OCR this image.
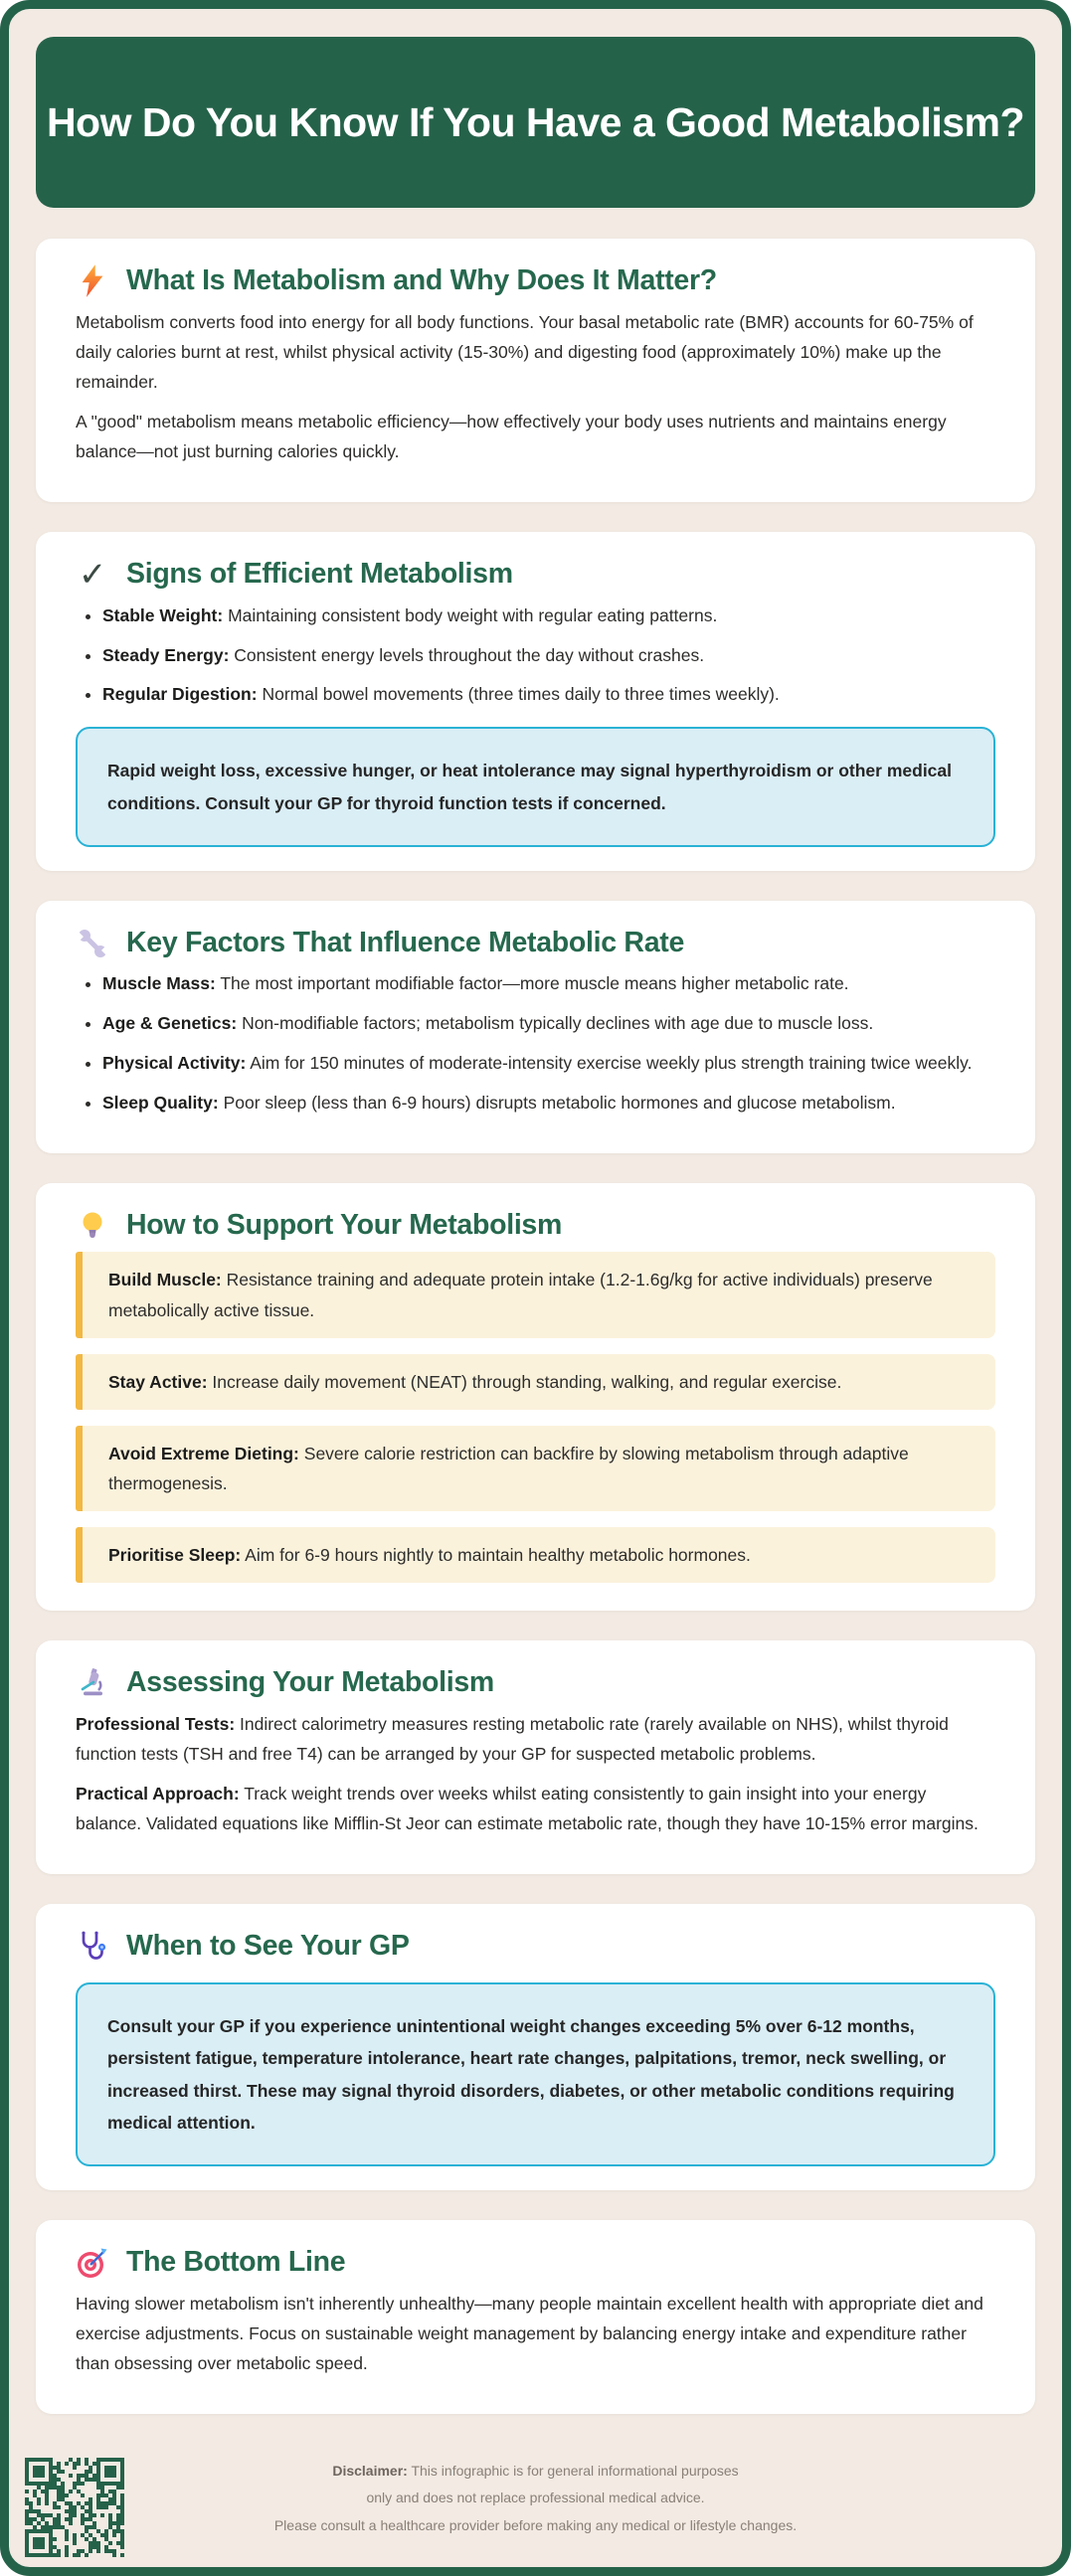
How Do You Know If You Have a Good Metabolism?
What Is Metabolism and Why Does It Matter?

Metabolism converts food into energy for all body functions. Your basal metabolic rate (BMR) accounts for 60-75% of daily calories burnt at rest, whilst physical activity (15-30%) and digesting food (approximately 10%) make up the remainder.

A "good" metabolism means metabolic efficiency—how effectively your body uses nutrients and maintains energy balance—not just burning calories quickly.

✓ Signs of Efficient Metabolism
• Stable Weight: Maintaining consistent body weight with regular eating patterns.
• Steady Energy: Consistent energy levels throughout the day without crashes.
• Regular Digestion: Normal bowel movements (three times daily to three times weekly).
Rapid weight loss, excessive hunger, or heat intolerance may signal hyperthyroidism or other medical conditions. Consult your GP for thyroid function tests if concerned.
Key Factors That Influence Metabolic Rate
• Muscle Mass: The most important modifiable factor—more muscle means higher metabolic rate.
• Age & Genetics: Non-modifiable factors; metabolism typically declines with age due to muscle loss.
• Physical Activity: Aim for 150 minutes of moderate-intensity exercise weekly plus strength training twice weekly.
• Sleep Quality: Poor sleep (less than 6-9 hours) disrupts metabolic hormones and glucose metabolism.
How to Support Your Metabolism
Build Muscle: Resistance training and adequate protein intake (1.2-1.6g/kg for active individuals) preserve metabolically active tissue.
Stay Active: Increase daily movement (NEAT) through standing, walking, and regular exercise.
Avoid Extreme Dieting: Severe calorie restriction can backfire by slowing metabolism through adaptive thermogenesis.
Prioritise Sleep: Aim for 6-9 hours nightly to maintain healthy metabolic hormones.
Assessing Your Metabolism

Professional Tests: Indirect calorimetry measures resting metabolic rate (rarely available on NHS), whilst thyroid function tests (TSH and free T4) can be arranged by your GP for suspected metabolic problems.

Practical Approach: Track weight trends over weeks whilst eating consistently to gain insight into your energy balance. Validated equations like Mifflin-St Jeor can estimate metabolic rate, though they have 10-15% error margins.

When to See Your GP
Consult your GP if you experience unintentional weight changes exceeding 5% over 6-12 months, persistent fatigue, temperature intolerance, heart rate changes, palpitations, tremor, neck swelling, or increased thirst. These may signal thyroid disorders, diabetes, or other metabolic conditions requiring medical attention.
The Bottom Line

Having slower metabolism isn't inherently unhealthy—many people maintain excellent health with appropriate diet and exercise adjustments. Focus on sustainable weight management by balancing energy intake and expenditure rather than obsessing over metabolic speed.

Disclaimer: This infographic is for general informational purposes
only and does not replace professional medical advice.
Please consult a healthcare provider before making any medical or lifestyle changes.
